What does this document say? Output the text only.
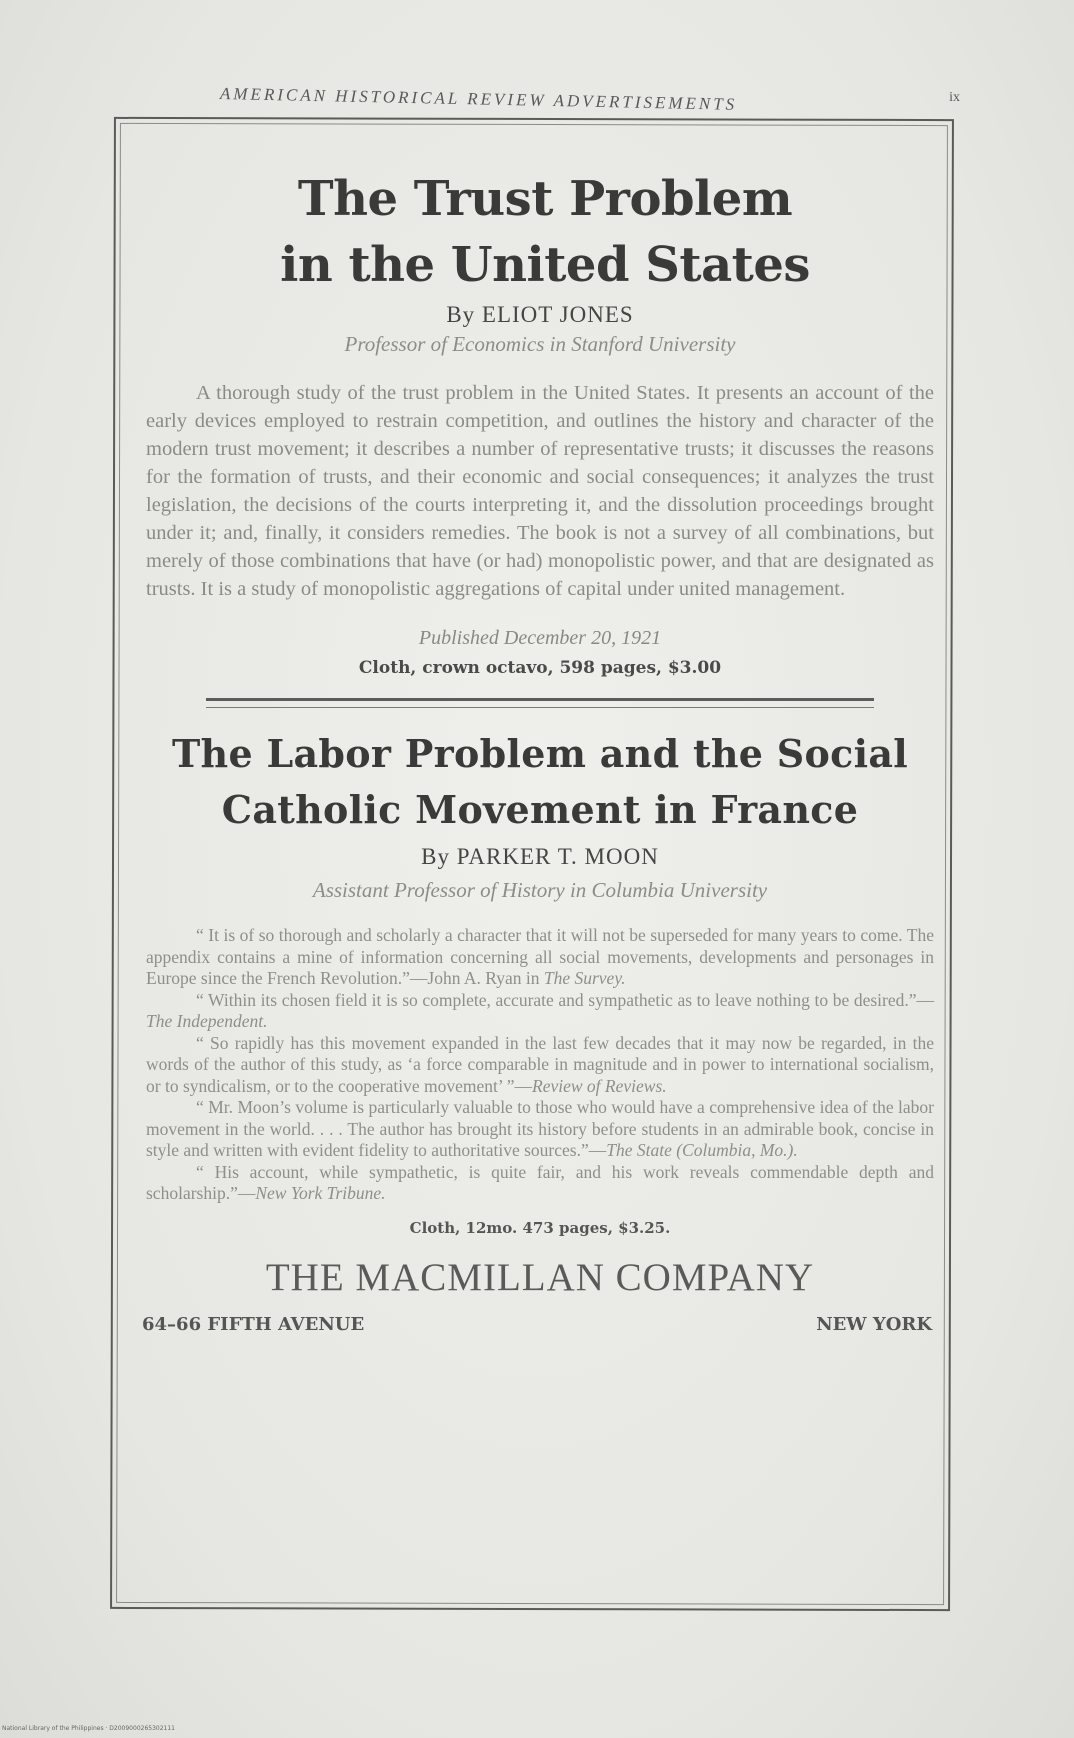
AMERICAN HISTORICAL REVIEW ADVERTISEMENTS	ix
The Trust Problem
in the United States
By ELIOT JONES
Professor of Economics in Stanford University

A thorough study of the trust problem in the United States. It presents an account of the early devices employed to restrain competition, and outlines the history and character of the modern trust movement; it describes a number of representative trusts; it discusses the reasons for the formation of trusts, and their economic and social consequences; it analyzes the trust legislation, the decisions of the courts interpreting it, and the dissolution proceedings brought under it; and, finally, it considers remedies. The book is not a survey of all combinations, but merely of those combinations that have (or had) monopolistic power, and that are designated as trusts. It is a study of monopolistic aggregations of capital under united management.

Published December 20, 1921
Cloth, crown octavo, 598 pages, $3.00
The Labor Problem and the Social
Catholic Movement in France
By PARKER T. MOON
Assistant Professor of History in Columbia University

“ It is of so thorough and scholarly a character that it will not be superseded for many years to come. The appendix contains a mine of information concerning all social movements, developments and personages in Europe since the French Revolution.”—John A. Ryan in The Survey.

“ Within its chosen field it is so complete, accurate and sympathetic as to leave nothing to be desired.”—The Independent.

“ So rapidly has this movement expanded in the last few decades that it may now be regarded, in the words of the author of this study, as ‘a force comparable in magnitude and in power to international socialism, or to syndicalism, or to the cooperative movement’ ”—Review of Reviews.

“ Mr. Moon’s volume is particularly valuable to those who would have a comprehensive idea of the labor movement in the world. . . . The author has brought its history before students in an admirable book, concise in style and written with evident fidelity to authoritative sources.”—The State (Columbia, Mo.).

“ His account, while sympathetic, is quite fair, and his work reveals commendable depth and scholarship.”—New York Tribune.

Cloth, 12mo. 473 pages, $3.25.
THE MACMILLAN COMPANY
64–66 FIFTH AVENUE	NEW YORK
National Library of the Philippines · D2009000265302111
